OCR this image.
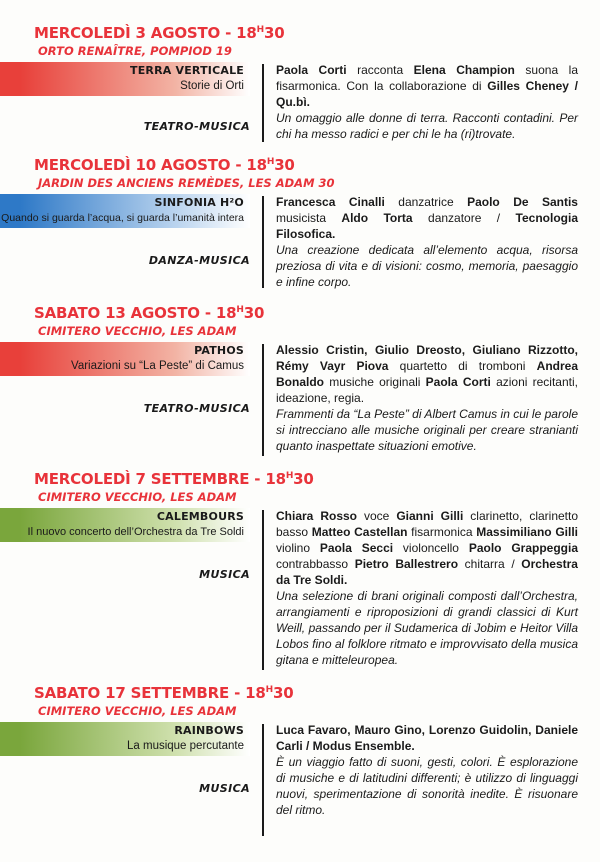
MERCOLEDÌ 3 AGOSTO - $18^H30$
ORTO RENAÎTRE, POMPIOD 19
TERRA VERTICALE
Storie di Orti
TEATRO-MUSICA
Paola Corti racconta Elena Champion suona la fisarmonica. Con la collaborazione di Gilles Cheney / Qu.bì.
Un omaggio alle donne di terra. Racconti contadini. Per chi ha messo radici e per chi le ha (ri)trovate.
MERCOLEDÌ 10 AGOSTO - $18^H30$
JARDIN DES ANCIENS REMÈDES, LES ADAM 30
SINFONIA H²O
Quando si guarda l’acqua, si guarda l’umanità intera
DANZA-MUSICA
Francesca Cinalli danzatrice Paolo De Santis musicista Aldo Torta danzatore / Tecnologia Filosofica.
Una creazione dedicata all’elemento acqua, risorsa preziosa di vita e di visioni: cosmo, memoria, paesaggio e infine corpo.
SABATO 13 AGOSTO - $18^H30$
CIMITERO VECCHIO, LES ADAM
PATHOS
Variazioni su “La Peste” di Camus
TEATRO-MUSICA
Alessio Cristin, Giulio Dreosto, Giuliano Rizzotto, Rémy Vayr Piova quartetto di tromboni Andrea Bonaldo musiche originali Paola Corti azioni recitanti, ideazione, regia.
Frammenti da “La Peste” di Albert Camus in cui le parole si intrecciano alle musiche originali per creare stranianti quanto inaspettate situazioni emotive.
MERCOLEDÌ 7 SETTEMBRE - $18^H30$
CIMITERO VECCHIO, LES ADAM
CALEMBOURS
Il nuovo concerto dell’Orchestra da Tre Soldi
MUSICA
Chiara Rosso voce Gianni Gilli clarinetto, clarinetto basso Matteo Castellan fisarmonica Massimiliano Gilli violino Paola Secci violoncello Paolo Grappeggia contrabbasso Pietro Ballestrero chitarra / Orchestra da Tre Soldi.
Una selezione di brani originali composti dall’Orchestra, arrangiamenti e riproposizioni di grandi classici di Kurt Weill, passando per il Sudamerica di Jobim e Heitor Villa Lobos fino al folklore ritmato e improvvisato della musica gitana e mitteleuropea.
SABATO 17 SETTEMBRE - $18^H30$
CIMITERO VECCHIO, LES ADAM
RAINBOWS
La musique percutante
MUSICA
Luca Favaro, Mauro Gino, Lorenzo Guidolin, Daniele Carli / Modus Ensemble.
È un viaggio fatto di suoni, gesti, colori. È esplorazione di musiche e di latitudini differenti; è utilizzo di linguaggi nuovi, sperimentazione di sonorità inedite. È risuonare del ritmo.
